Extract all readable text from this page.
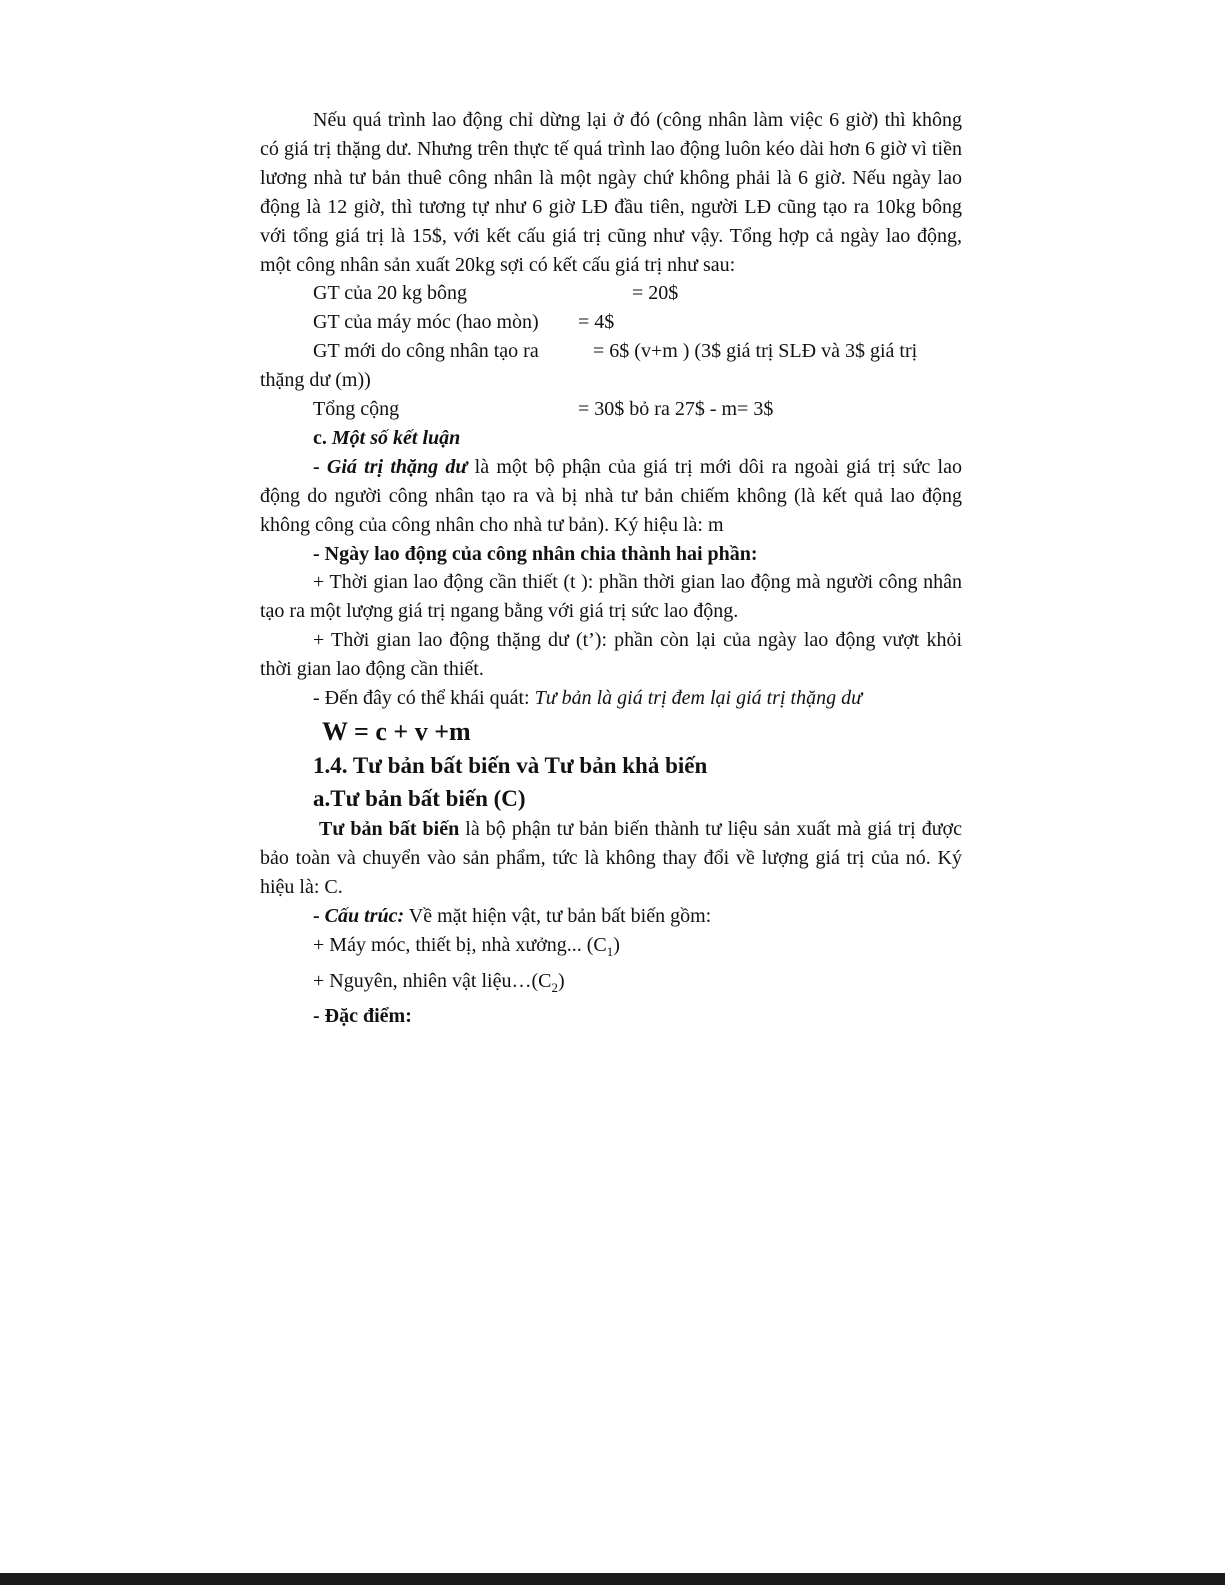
Nếu quá trình lao động chỉ dừng lại ở đó (công nhân làm việc 6 giờ) thì không có giá trị thặng dư. Nhưng trên thực tế quá trình lao động luôn kéo dài hơn 6 giờ vì tiền lương nhà tư bản thuê công nhân là một ngày chứ không phải là 6 giờ. Nếu ngày lao động là 12 giờ, thì tương tự như 6 giờ LĐ đầu tiên, người LĐ cũng tạo ra 10kg bông với tổng giá trị là 15$, với kết cấu giá trị cũng như vậy. Tổng hợp cả ngày lao động, một công nhân sản xuất 20kg sợi có kết cấu giá trị như sau:

GT của 20 kg bông	= 20$
GT của máy móc (hao mòn) = 4$
GT mới do công nhân tạo ra	= 6$ (v+m ) (3$ giá trị SLĐ và 3$ giá trị

thặng dư (m))

Tổng cộng	= 30$ bỏ ra 27$ - m= 3$

c. Một số kết luận

- Giá trị thặng dư là một bộ phận của giá trị mới dôi ra ngoài giá trị sức lao động do người công nhân tạo ra và bị nhà tư bản chiếm không (là kết quả lao động không công của công nhân cho nhà tư bản). Ký hiệu là: m

- Ngày lao động của công nhân chia thành hai phần:

+ Thời gian lao động cần thiết (t ): phần thời gian lao động mà người công nhân tạo ra một lượng giá trị ngang bằng với giá trị sức lao động.

+ Thời gian lao động thặng dư (t’): phần còn lại của ngày lao động vượt khỏi thời gian lao động cần thiết.

- Đến đây có thể khái quát: Tư bản là giá trị đem lại giá trị thặng dư

W = c + v +m

1.4. Tư bản bất biến và Tư bản khả biến

a.Tư bản bất biến (C)

Tư bản bất biến là bộ phận tư bản biến thành tư liệu sản xuất mà giá trị được bảo toàn và chuyển vào sản phẩm, tức là không thay đổi về lượng giá trị của nó. Ký hiệu là: C.

- Cấu trúc: Về mặt hiện vật, tư bản bất biến gồm:

+ Máy móc, thiết bị, nhà xưởng... $(C_1)$

+ Nguyên, nhiên vật $liệu\dots(C_2)$

- Đặc điểm:
